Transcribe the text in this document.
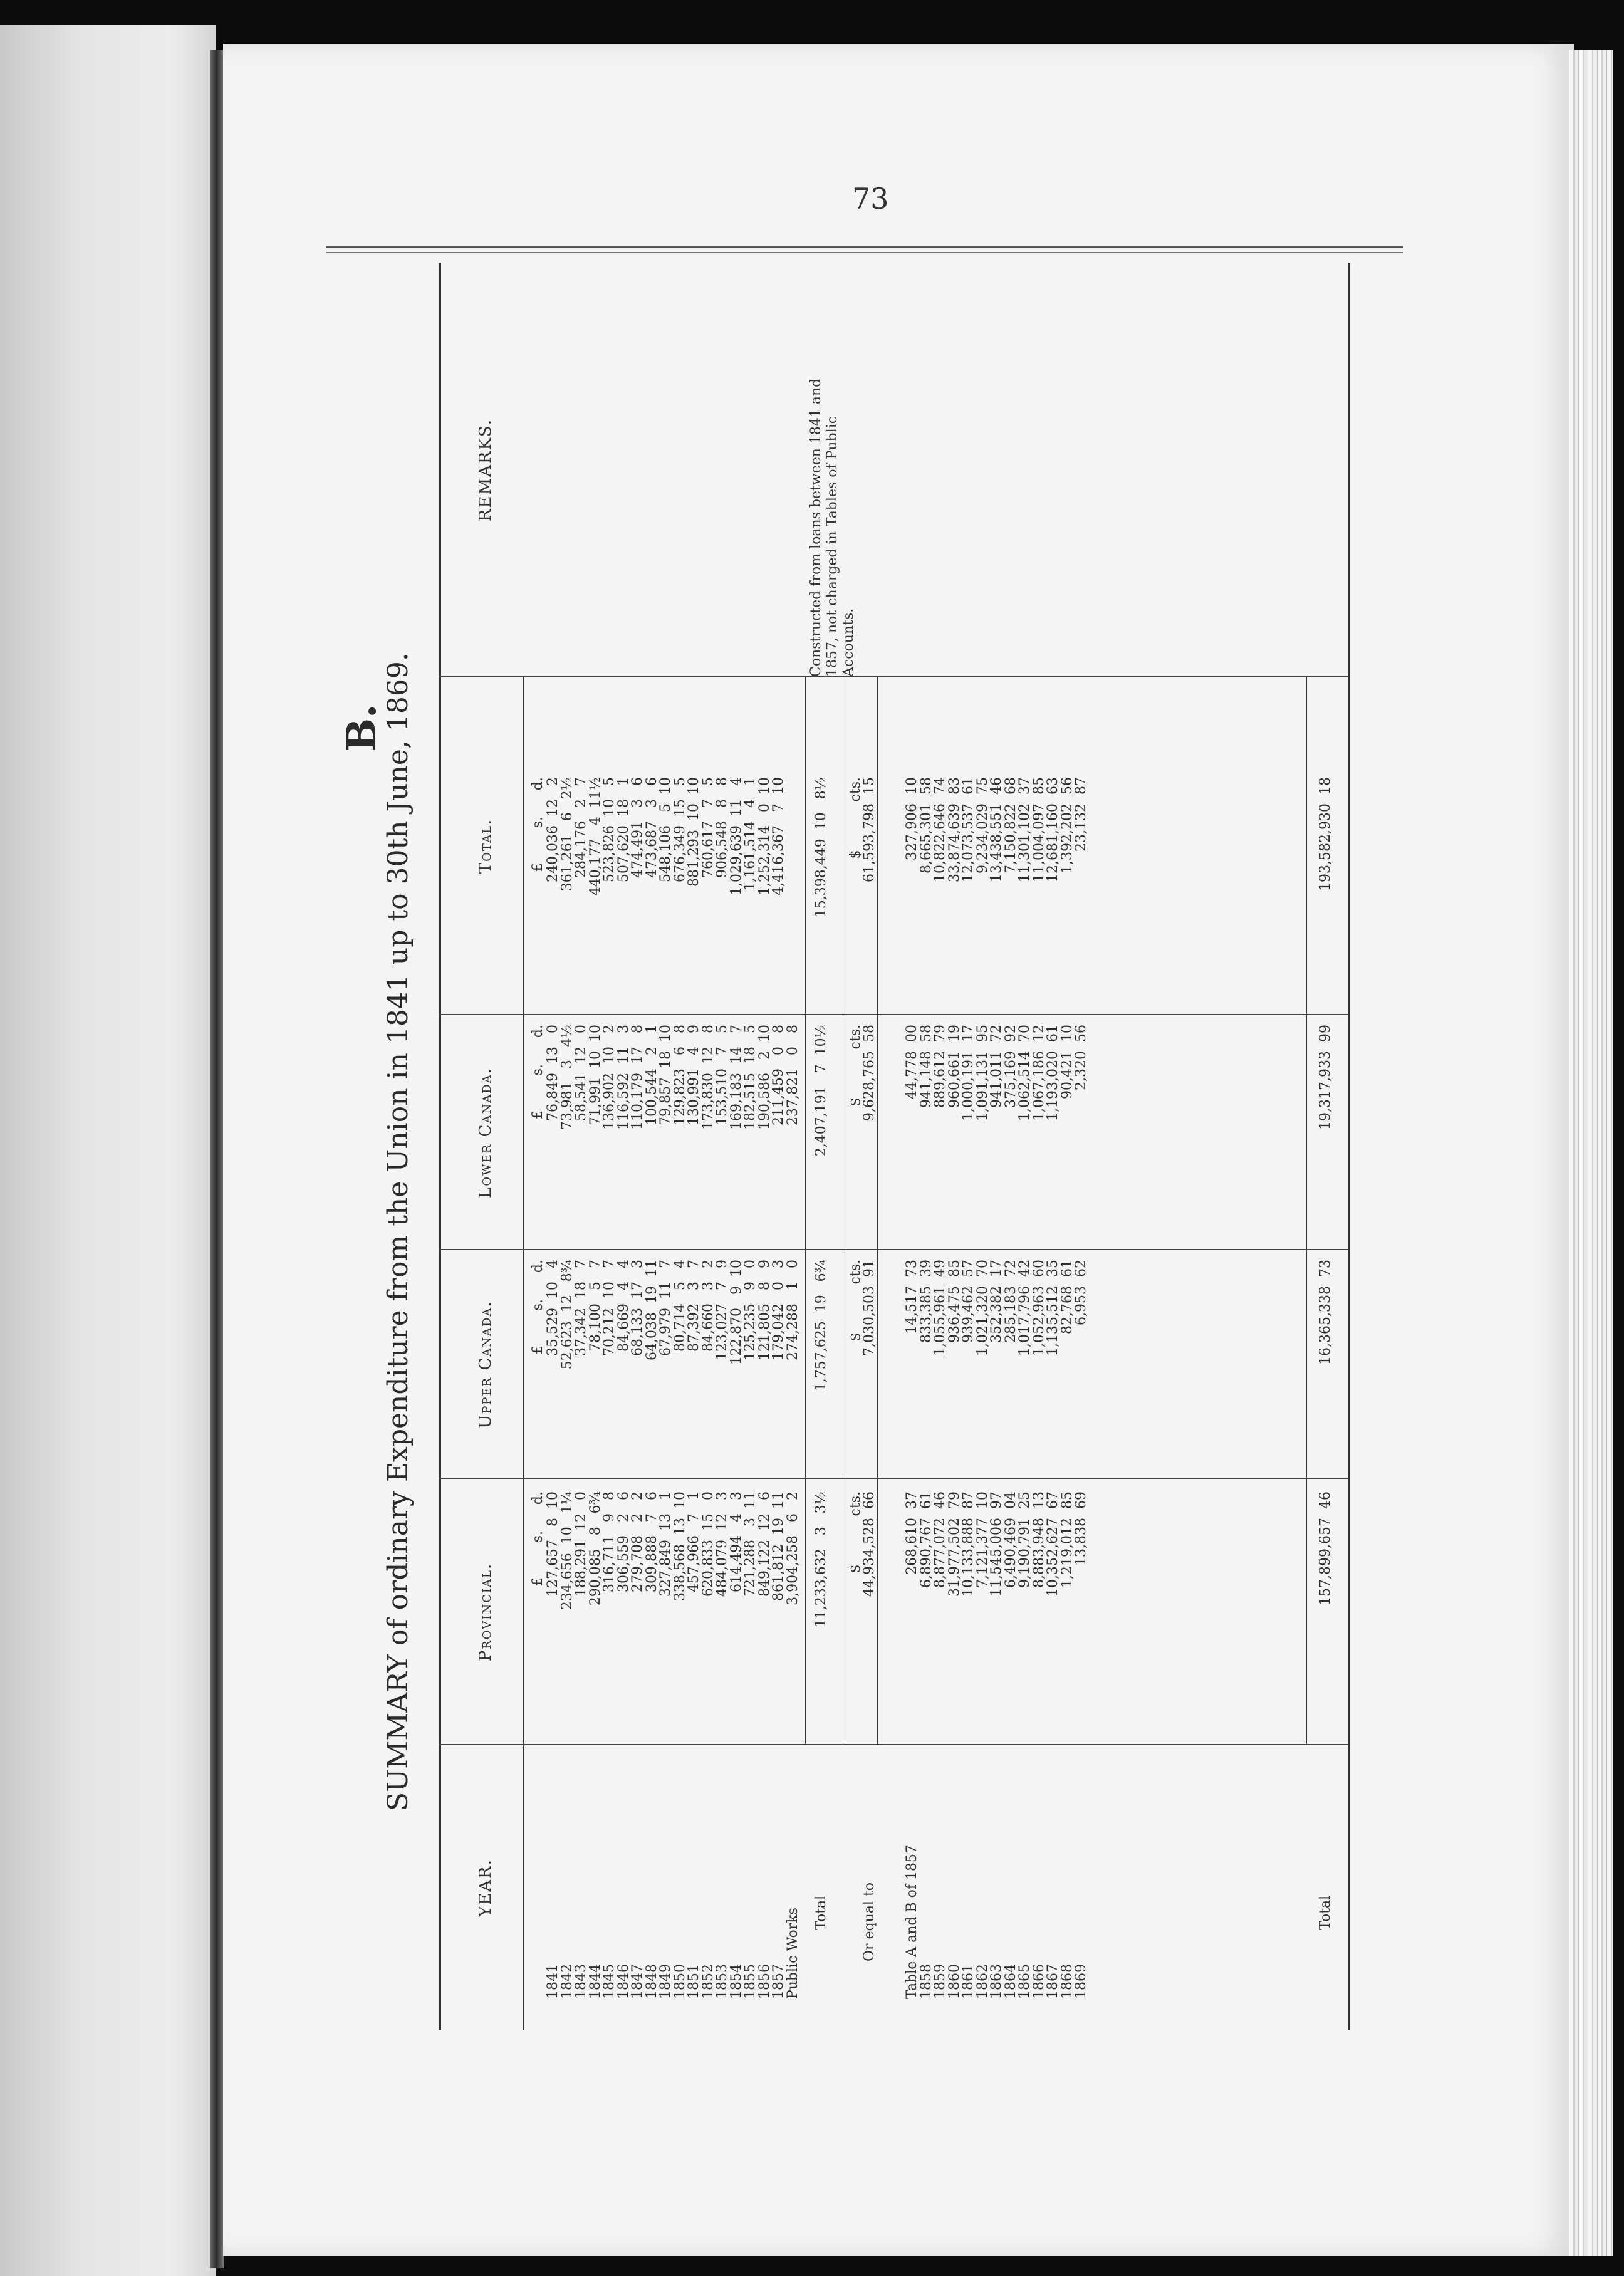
73
B.
SUMMARY of ordinary Expenditure from the Union in 1841 up to 30th June, 1869.
YEAR.
Provincial.
Upper Canada.
Lower Canada.
Total.
REMARKS.
£        s.      d.
£        s.      d.
£        s.      d.
£        s.      d.
1841
1842
1843
1844
1845
1846
1847
1848
1849
1850
1851
1852
1853
1854
1855
1856
1857
Public Works
127,657   8  10
234,656  10   1¼
188,291  12   0
290,085   8   6¾
316,711   9   8
306,559   2   6
279,708   2   2
309,888   7   6
327,849  13   1
338,568  13  10
457,966   7   1
620,833  15   0
484,079  12   3
614,494   4   3
721,288   3  11
849,122  12   6
861,812  19  11
3,904,258   6   2
35,529  10   4
52,623  12   8¾
37,342  18   7
78,100   5   7
70,212  10   7
84,669   4   4
68,133  17   3
64,038  19  11
67,979  11   7
80,714   5   4
87,392   3   7
84,660   3   2
123,027   7   9
122,870   9  10
125,235   9   0
121,805   8   9
179,042   0   3
274,288   1   0
76,849  13   0
73,981   3   4½
58,541  12   0
71,991  10  10
136,902  10   2
116,592  11   3
110,179  17   8
100,544   2   1
79,857  18  10
129,823   6   8
130,991   4   9
173,830  12   8
153,510   7   5
169,183  14   7
182,515  18   5
190,586   2  10
211,459   0   8
237,821   0   8
240,036  12   2
361,261   6   2½
284,176   2   7
440,177   4  11½
523,826  10   5
507,620  18   1
474,491   3   6
473,687   3   6
548,106   5  10
676,349  15   5
881,293  10  10
760,617   7   5
906,548   8   8
1,029,639  11   4
1,161,514   4   1
1,252,314   0  10
4,416,367   7  10
Total
11,233,632   3   3½
1,757,625  19   6¾
2,407,191   7  10½
15,398,449  10   8½
$           cts.
$           cts.
$           cts.
$           cts.
Or equal to
44,934,528  66
7,030,503  91
9,628,765  58
61,593,798  15
Table A and B of 1857
1858
1859
1860
1861
1862
1863
1864
1865
1866
1867
1868
1869
268,610  37
6,890,767  61
8,877,072  46
31,977,502  79
10,133,888  87
7,121,377  10
11,545,006  97
6,490,469  04
9,190,791  25
8,883,948  13
10,352,627  67
1,219,012  85
13,838  69
14,517  73
833,385  39
1,055,961  49
936,475  85
939,462  57
1,021,320  70
352,382  17
285,183  72
1,017,796  42
1,052,963  60
1,135,512  35
82,768  61
6,953  62
44,778  00
941,148  58
889,612  79
960,661  19
1,000,191  17
1,091,131  95
941,011  72
375,169  92
1,062,514  70
1,067,186  12
1,193,020  61
90,421  10
2,320  56
327,906  10
8,665,301  58
10,822,646  74
33,874,639  83
12,073,537  61
9,234,029  75
13,438,551  46
7,150,822  68
11,301,102  37
11,004,097  85
12,681,160  63
1,392,202  56
23,132  87
Total
157,899,657  46
16,365,338  73
19,317,933  99
193,582,930  18
Constructed from loans between 1841 and 1857, not charged in Tables of Public Accounts.
